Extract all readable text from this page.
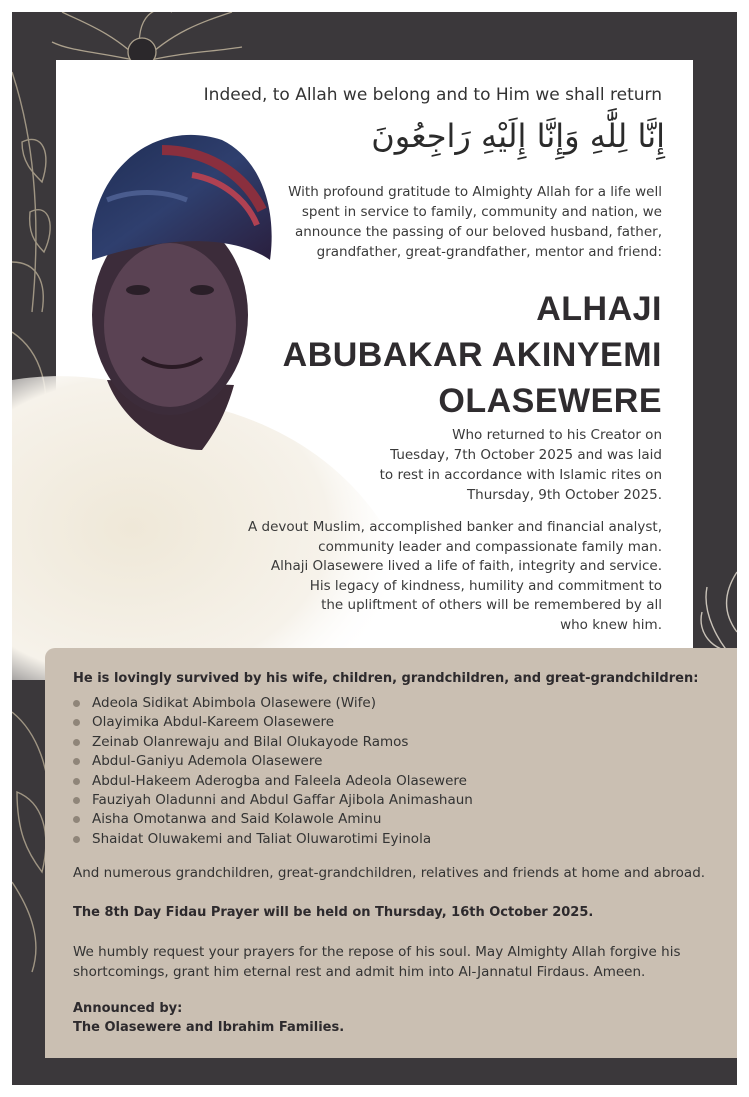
Indeed, to Allah we belong and to Him we shall return
إِنَّا لِلَّٰهِ وَإِنَّا إِلَيْهِ رَاجِعُونَ
With profound gratitude to Almighty Allah for a life well
spent in service to family, community and nation, we
announce the passing of our beloved husband, father,
grandfather, great-grandfather, mentor and friend:
ALHAJI
ABUBAKAR AKINYEMI
OLASEWERE
Who returned to his Creator on
Tuesday, 7th October 2025 and was laid
to rest in accordance with Islamic rites on
Thursday, 9th October 2025.
A devout Muslim, accomplished banker and financial analyst,
community leader and compassionate family man.
Alhaji Olasewere lived a life of faith, integrity and service.
His legacy of kindness, humility and commitment to
the upliftment of others will be remembered by all
who knew him.
He is lovingly survived by his wife, children, grandchildren, and great-grandchildren:
Adeola Sidikat Abimbola Olasewere (Wife)
Olayimika Abdul-Kareem Olasewere
Zeinab Olanrewaju and Bilal Olukayode Ramos
Abdul-Ganiyu Ademola Olasewere
Abdul-Hakeem Aderogba and Faleela Adeola Olasewere
Fauziyah Oladunni and Abdul Gaffar Ajibola Animashaun
Aisha Omotanwa and Said Kolawole Aminu
Shaidat Oluwakemi and Taliat Oluwarotimi Eyinola
And numerous grandchildren, great-grandchildren, relatives and friends at home and abroad.
The 8th Day Fidau Prayer will be held on Thursday, 16th October 2025.
We humbly request your prayers for the repose of his soul. May Almighty Allah forgive his
shortcomings, grant him eternal rest and admit him into Al-Jannatul Firdaus. Ameen.
Announced by:
The Olasewere and Ibrahim Families.
